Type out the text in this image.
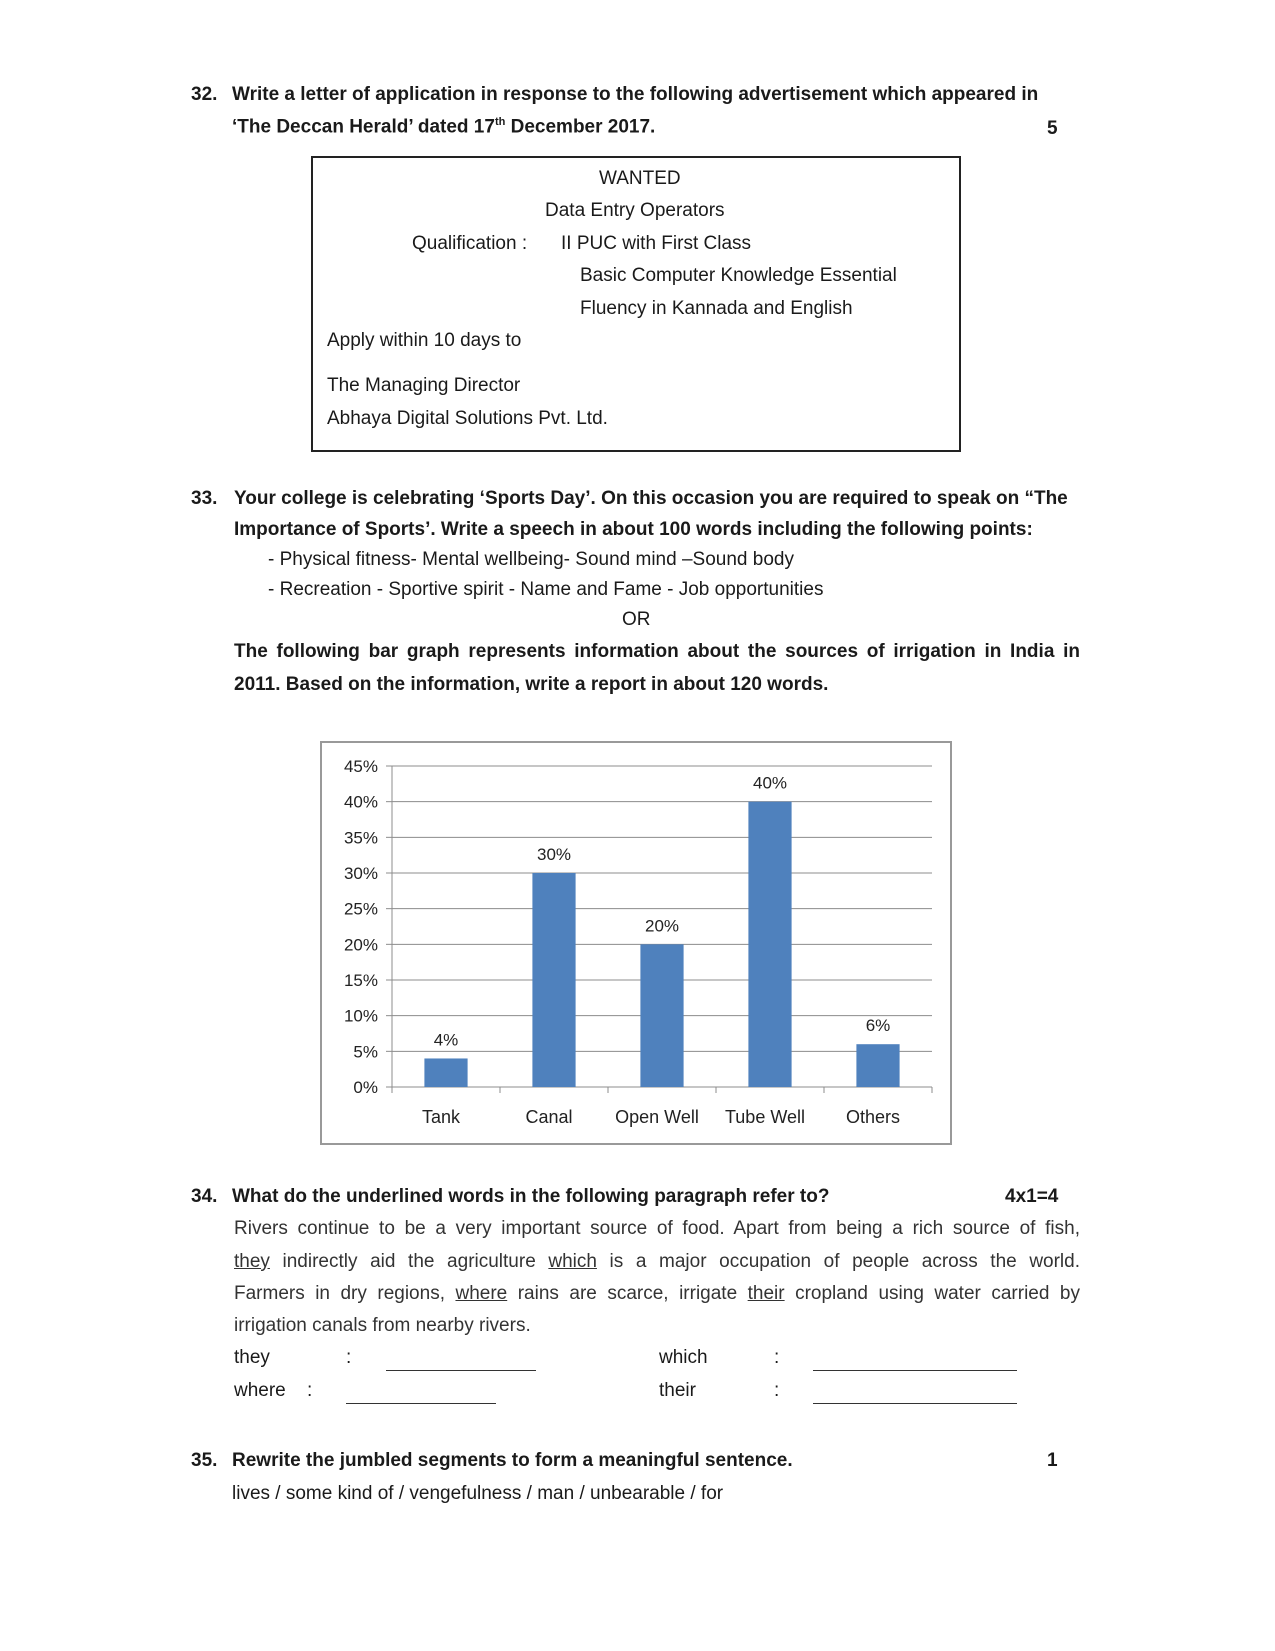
32. Write a letter of application in response to the following advertisement which appeared in
‘The Deccan Herald’ dated 17th December 2017.	5
WANTED
Data Entry Operators
Qualification : II PUC with First Class
Basic Computer Knowledge Essential
Fluency in Kannada and English
Apply within 10 days to
The Managing Director
Abhaya Digital Solutions Pvt. Ltd.
33. Your college is celebrating ‘Sports Day’. On this occasion you are required to speak on “The
Importance of Sports’. Write a speech in about 100 words including the following points:
- Physical fitness- Mental wellbeing- Sound mind –Sound body
- Recreation - Sportive spirit - Name and Fame - Job opportunities
OR
The following bar graph represents information about the sources of irrigation in India in
2011. Based on the information, write a report in about 120 words.
0%
5%
10%
15%
20%
25%
30%
35%
40%
45%
4%
Tank
30%
Canal
20%
Open Well
40%
Tube Well
6%
Others
34. What do the underlined words in the following paragraph refer to?	4x1=4
Rivers continue to be a very important source of food. Apart from being a rich source of fish,
they indirectly aid the agriculture which is a major occupation of people across the world.
Farmers in dry regions, where rains are scarce, irrigate their cropland using water carried by
irrigation canals from nearby rivers.
they	:	which	:
where :	their	:
35. Rewrite the jumbled segments to form a meaningful sentence.	1
lives / some kind of / vengefulness / man / unbearable / for
